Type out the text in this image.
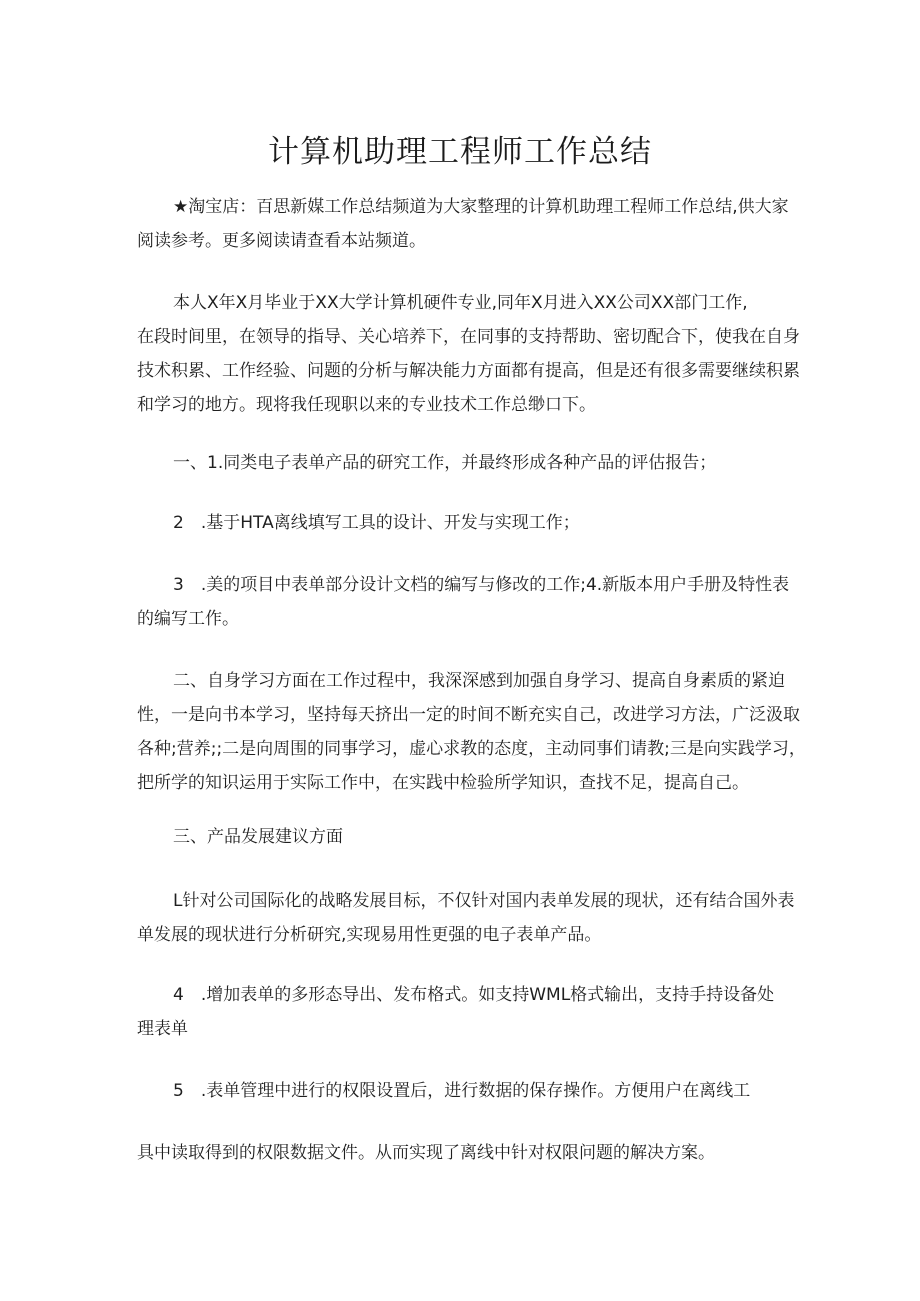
计算机助理工程师工作总结
★淘宝店：百思新媒工作总结频道为大家整理的计算机助理工程师工作总结,供大家
阅读参考。更多阅读请查看本站频道。
本人X年X月毕业于XX大学计算机硬件专业,同年X月进入XX公司XX部门工作,
在段时间里，在领导的指导、关心培养下，在同事的支持帮助、密切配合下，使我在自身
技术积累、工作经验、问题的分析与解决能力方面都有提高，但是还有很多需要继续积累
和学习的地方。现将我任现职以来的专业技术工作总缈口下。
一、1.同类电子表单产品的研究工作，并最终形成各种产品的评估报告；
2 .基于HTA离线填写工具的设计、开发与实现工作；
3 .美的项目中表单部分设计文档的编写与修改的工作;4.新版本用户手册及特性表
的编写工作。
二、自身学习方面在工作过程中，我深深感到加强自身学习、提高自身素质的紧迫
性，一是向书本学习，坚持每天挤出一定的时间不断充实自己，改进学习方法，广泛汲取
各种;营养;;二是向周围的同事学习，虚心求教的态度，主动同事们请教;三是向实践学习，
把所学的知识运用于实际工作中，在实践中检验所学知识，查找不足，提高自己。
三、产品发展建议方面
L针对公司国际化的战略发展目标，不仅针对国内表单发展的现状，还有结合国外表
单发展的现状进行分析研究,实现易用性更强的电子表单产品。
4 .增加表单的多形态导出、发布格式。如支持WML格式输出，支持手持设备处
理表单
5 .表单管理中进行的权限设置后，进行数据的保存操作。方便用户在离线工
具中读取得到的权限数据文件。从而实现了离线中针对权限问题的解决方案。
